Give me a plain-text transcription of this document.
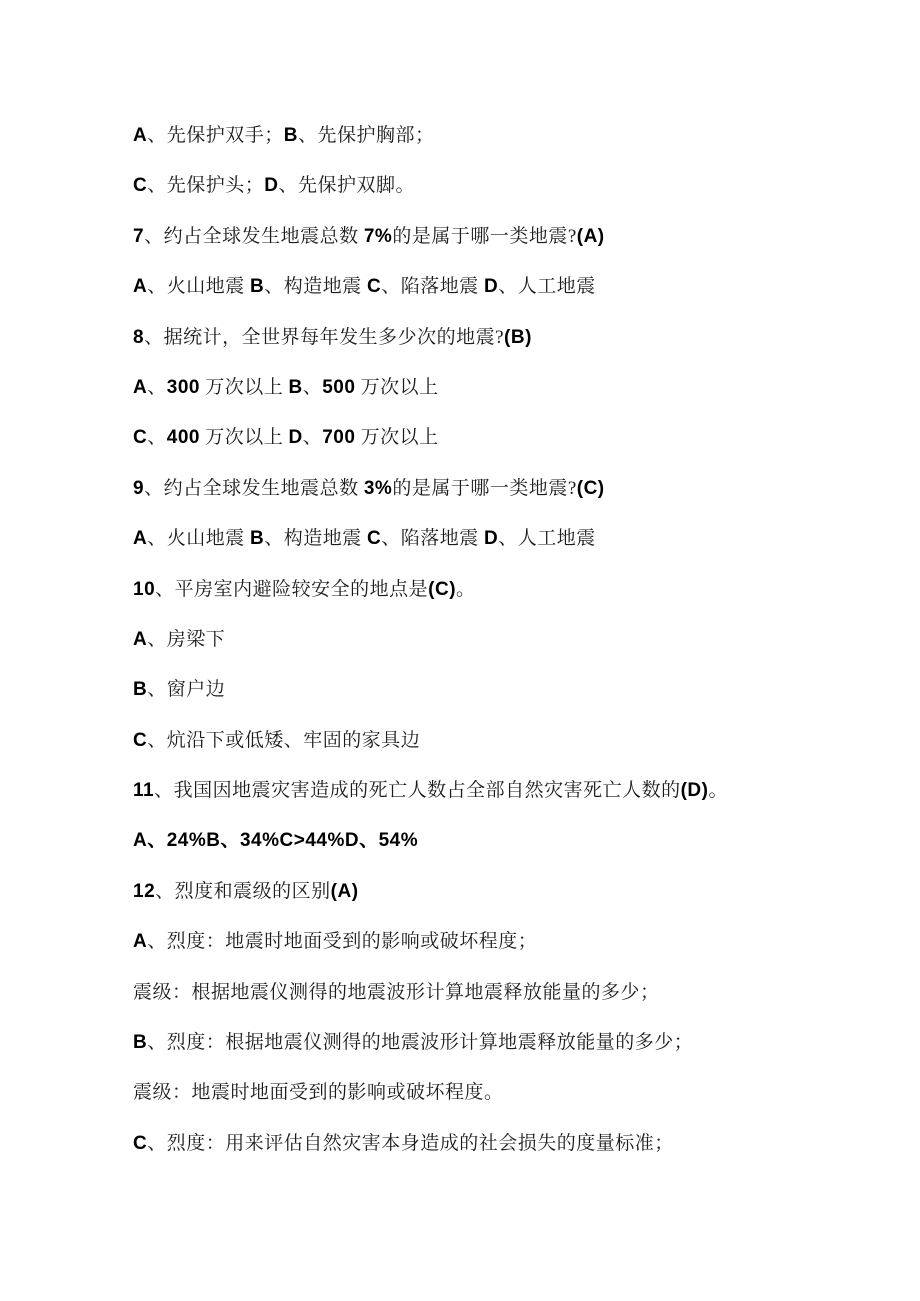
A、先保护双手；B、先保护胸部；

C、先保护头；D、先保护双脚。

7、约占全球发生地震总数 7%的是属于哪一类地震?(A)

A、火山地震 B、构造地震 C、陷落地震 D、人工地震

8、据统计，全世界每年发生多少次的地震?(B)

A、300 万次以上 B、500 万次以上

C、400 万次以上 D、700 万次以上

9、约占全球发生地震总数 3%的是属于哪一类地震?(C)

A、火山地震 B、构造地震 C、陷落地震 D、人工地震

10、平房室内避险较安全的地点是(C)。

A、房梁下

B、窗户边

C、炕沿下或低矮、牢固的家具边

11、我国因地震灾害造成的死亡人数占全部自然灾害死亡人数的(D)。

A、24%B、34%C>44%D、54%

12、烈度和震级的区别(A)

A、烈度：地震时地面受到的影响或破坏程度；

震级：根据地震仪测得的地震波形计算地震释放能量的多少；

B、烈度：根据地震仪测得的地震波形计算地震释放能量的多少；

震级：地震时地面受到的影响或破坏程度。

C、烈度：用来评估自然灾害本身造成的社会损失的度量标准；
